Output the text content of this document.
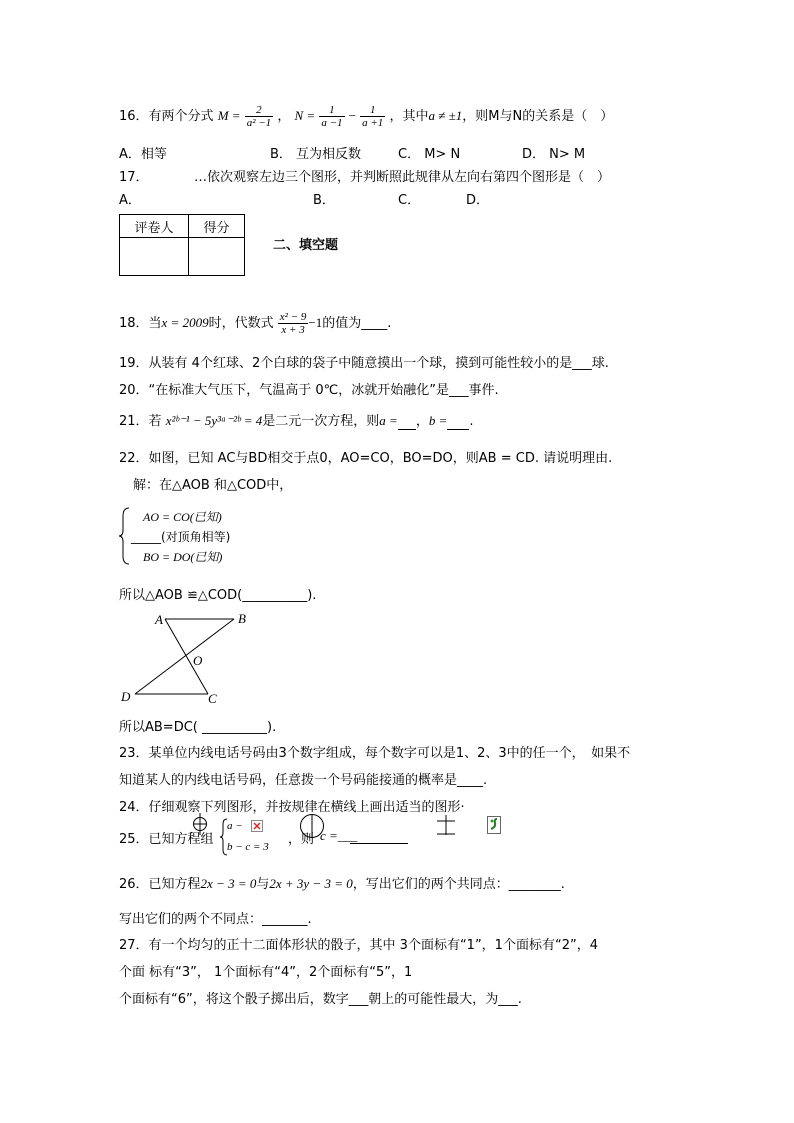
16．有两个分式 $M = \frac{2}{\text{a² −1}}$ ， $N = \frac{1}{a -1} - \frac{1}{a +1}$ ，其中a ≠ ±1，则M与N的关系是（　）
A．相等	B． 互为相反数	C． M> N	D． N> M
17．　　　　…依次观察左边三个图形，并判断照此规律从左向右第四个图形是（　）
A．	B．	C．	D．
评卷人	得分

二、填空题
18．当x = 2009时，代数式 $\frac{\text{x² − 9}}{x + 3} -1$的值为____.
19．从装有 4个红球、2个白球的袋子中随意摸出一个球，摸到可能性较小的是___球.
20．“在标准大气压下，气温高于 0℃，冰就开始融化”是___事件.
21．若 x²ᵇ⁻¹ − 5y³ᵃ⁻²ᵇ = 4是二元一次方程，则a = ，b = .
22．如图，已知 AC与BD相交于点0，AO=CO，BO=DO，则AB = CD. 请说明理由.
解：在△AOB 和△COD中，
AO = CO(已知)
_____(对顶角相等)
BO = DO(已知)
所以△AOB ≌△COD(__________).
A	B
O
D	C
所以AB=DC( __________).
23．某单位内线电话号码由3个数字组成，每个数字可以是1、2、3中的任一个，　如果不
知道某人的内线电话号码，任意拨一个号码能接通的概率是____.
24．仔细观察下列图形，并按规律在横线上画出适当的图形·
25．已知方程组
a −
b − c = 3 ，则 c =___
26．已知方程2x − 3 = 0与2x + 3y − 3 = 0，写出它们的两个共同点：________.
写出它们的两个不同点：_______.
27．有一个均匀的正十二面体形状的骰子，其中 3个面标有“1”，1个面标有“2”，4
个面 标有“3”， 1个面标有“4”，2个面标有“5”，1
个面标有“6”，将这个骰子掷出后，数字___朝上的可能性最大，为___.
